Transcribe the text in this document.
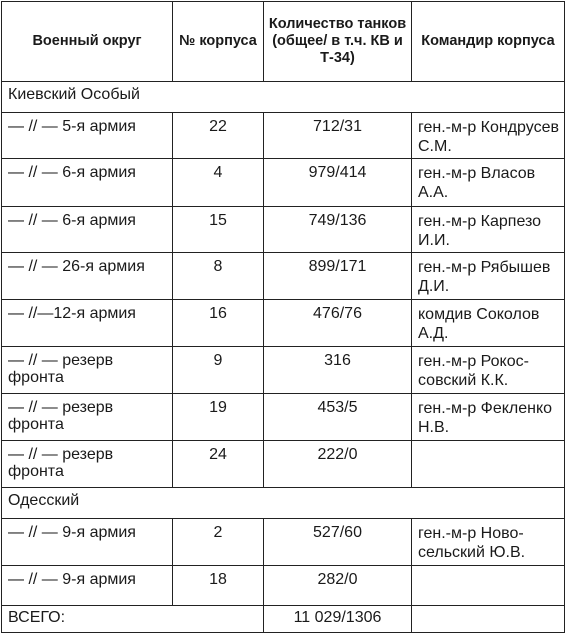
Военный округ	№ корпуса	Количество танков (общее/ в т.ч. КВ и Т-34)	Командир корпуса
Киевский Особый			
— // — 5-я армия	22	712/31	ген.-м-р Кондрусев С.М.
— // — 6-я армия	4	979/414	ген.-м-р Власов А.А.
— // — 6-я армия	15	749/136	ген.-м-р Карпезо И.И.
— // — 26-я армия	8	899/171	ген.-м-р Рябышев Д.И.
— //—12-я армия	16	476/76	комдив Соколов А.Д.
— // — резерв фронта	9	316	ген.-м-р Рокос-совский К.К.
— // — резерв фронта	19	453/5	ген.-м-р Фекленко Н.В.
— // — резерв фронта	24	222/0	
Одесский			
— // — 9-я армия	2	527/60	ген.-м-р Ново-сельский Ю.В.
— // — 9-я армия	18	282/0	
ВСЕГО:		11 029/1306	
